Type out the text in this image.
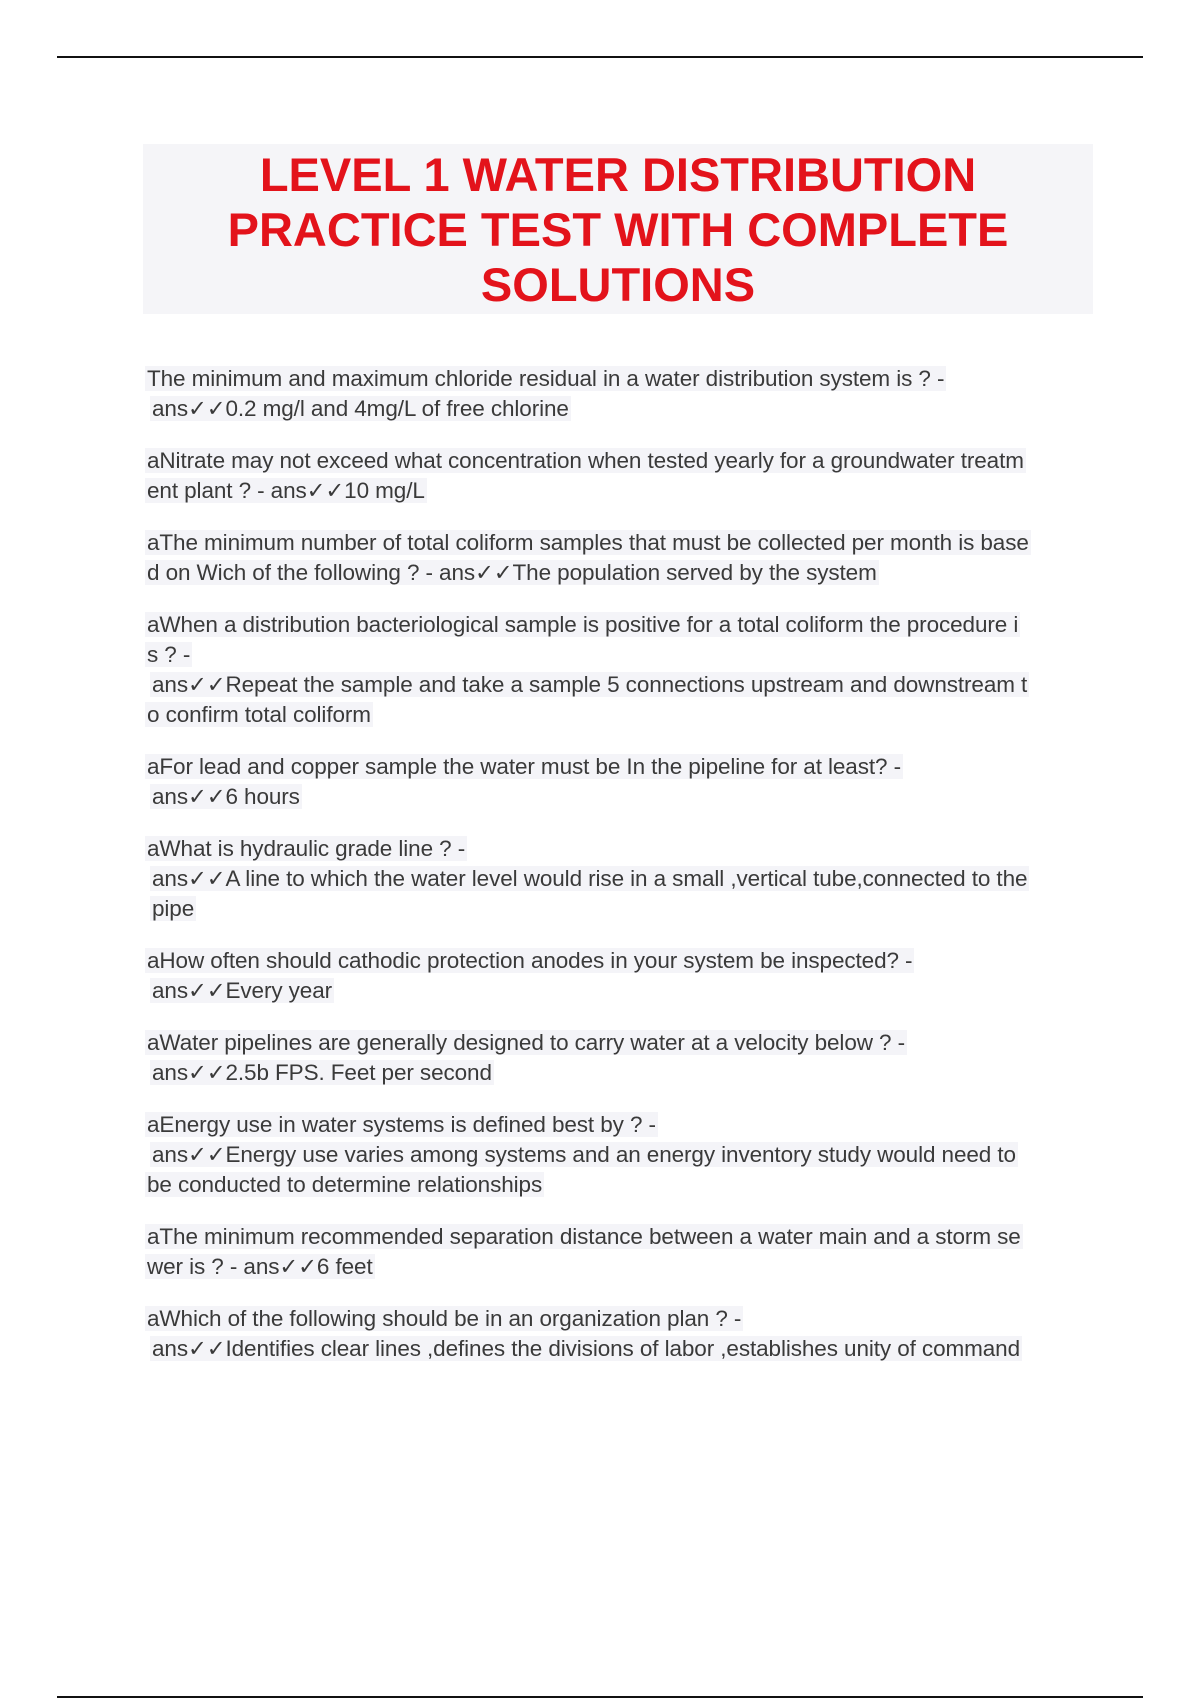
LEVEL 1 WATER DISTRIBUTION
PRACTICE TEST WITH COMPLETE
SOLUTIONS

The minimum and maximum chloride residual in a water distribution system is ? -

ans✓✓0.2 mg/l and 4mg/L of free chlorine

aNitrate may not exceed what concentration when tested yearly for a groundwater treatm

ent plant ? - ans✓✓10 mg/L

aThe minimum number of total coliform samples that must be collected per month is base

d on Wich of the following ? - ans✓✓The population served by the system

aWhen a distribution bacteriological sample is positive for a total coliform the procedure i

s ? -

ans✓✓Repeat the sample and take a sample 5 connections upstream and downstream t

o confirm total coliform

aFor lead and copper sample the water must be In the pipeline for at least? -

ans✓✓6 hours

aWhat is hydraulic grade line ? -

ans✓✓A line to which the water level would rise in a small ,vertical tube,connected to the

pipe

aHow often should cathodic protection anodes in your system be inspected? -

ans✓✓Every year

aWater pipelines are generally designed to carry water at a velocity below ? -

ans✓✓2.5b FPS. Feet per second

aEnergy use in water systems is defined best by ? -

ans✓✓Energy use varies among systems and an energy inventory study would need to

be conducted to determine relationships

aThe minimum recommended separation distance between a water main and a storm se

wer is ? - ans✓✓6 feet

aWhich of the following should be in an organization plan ? -

ans✓✓Identifies clear lines ,defines the divisions of labor ,establishes unity of command
